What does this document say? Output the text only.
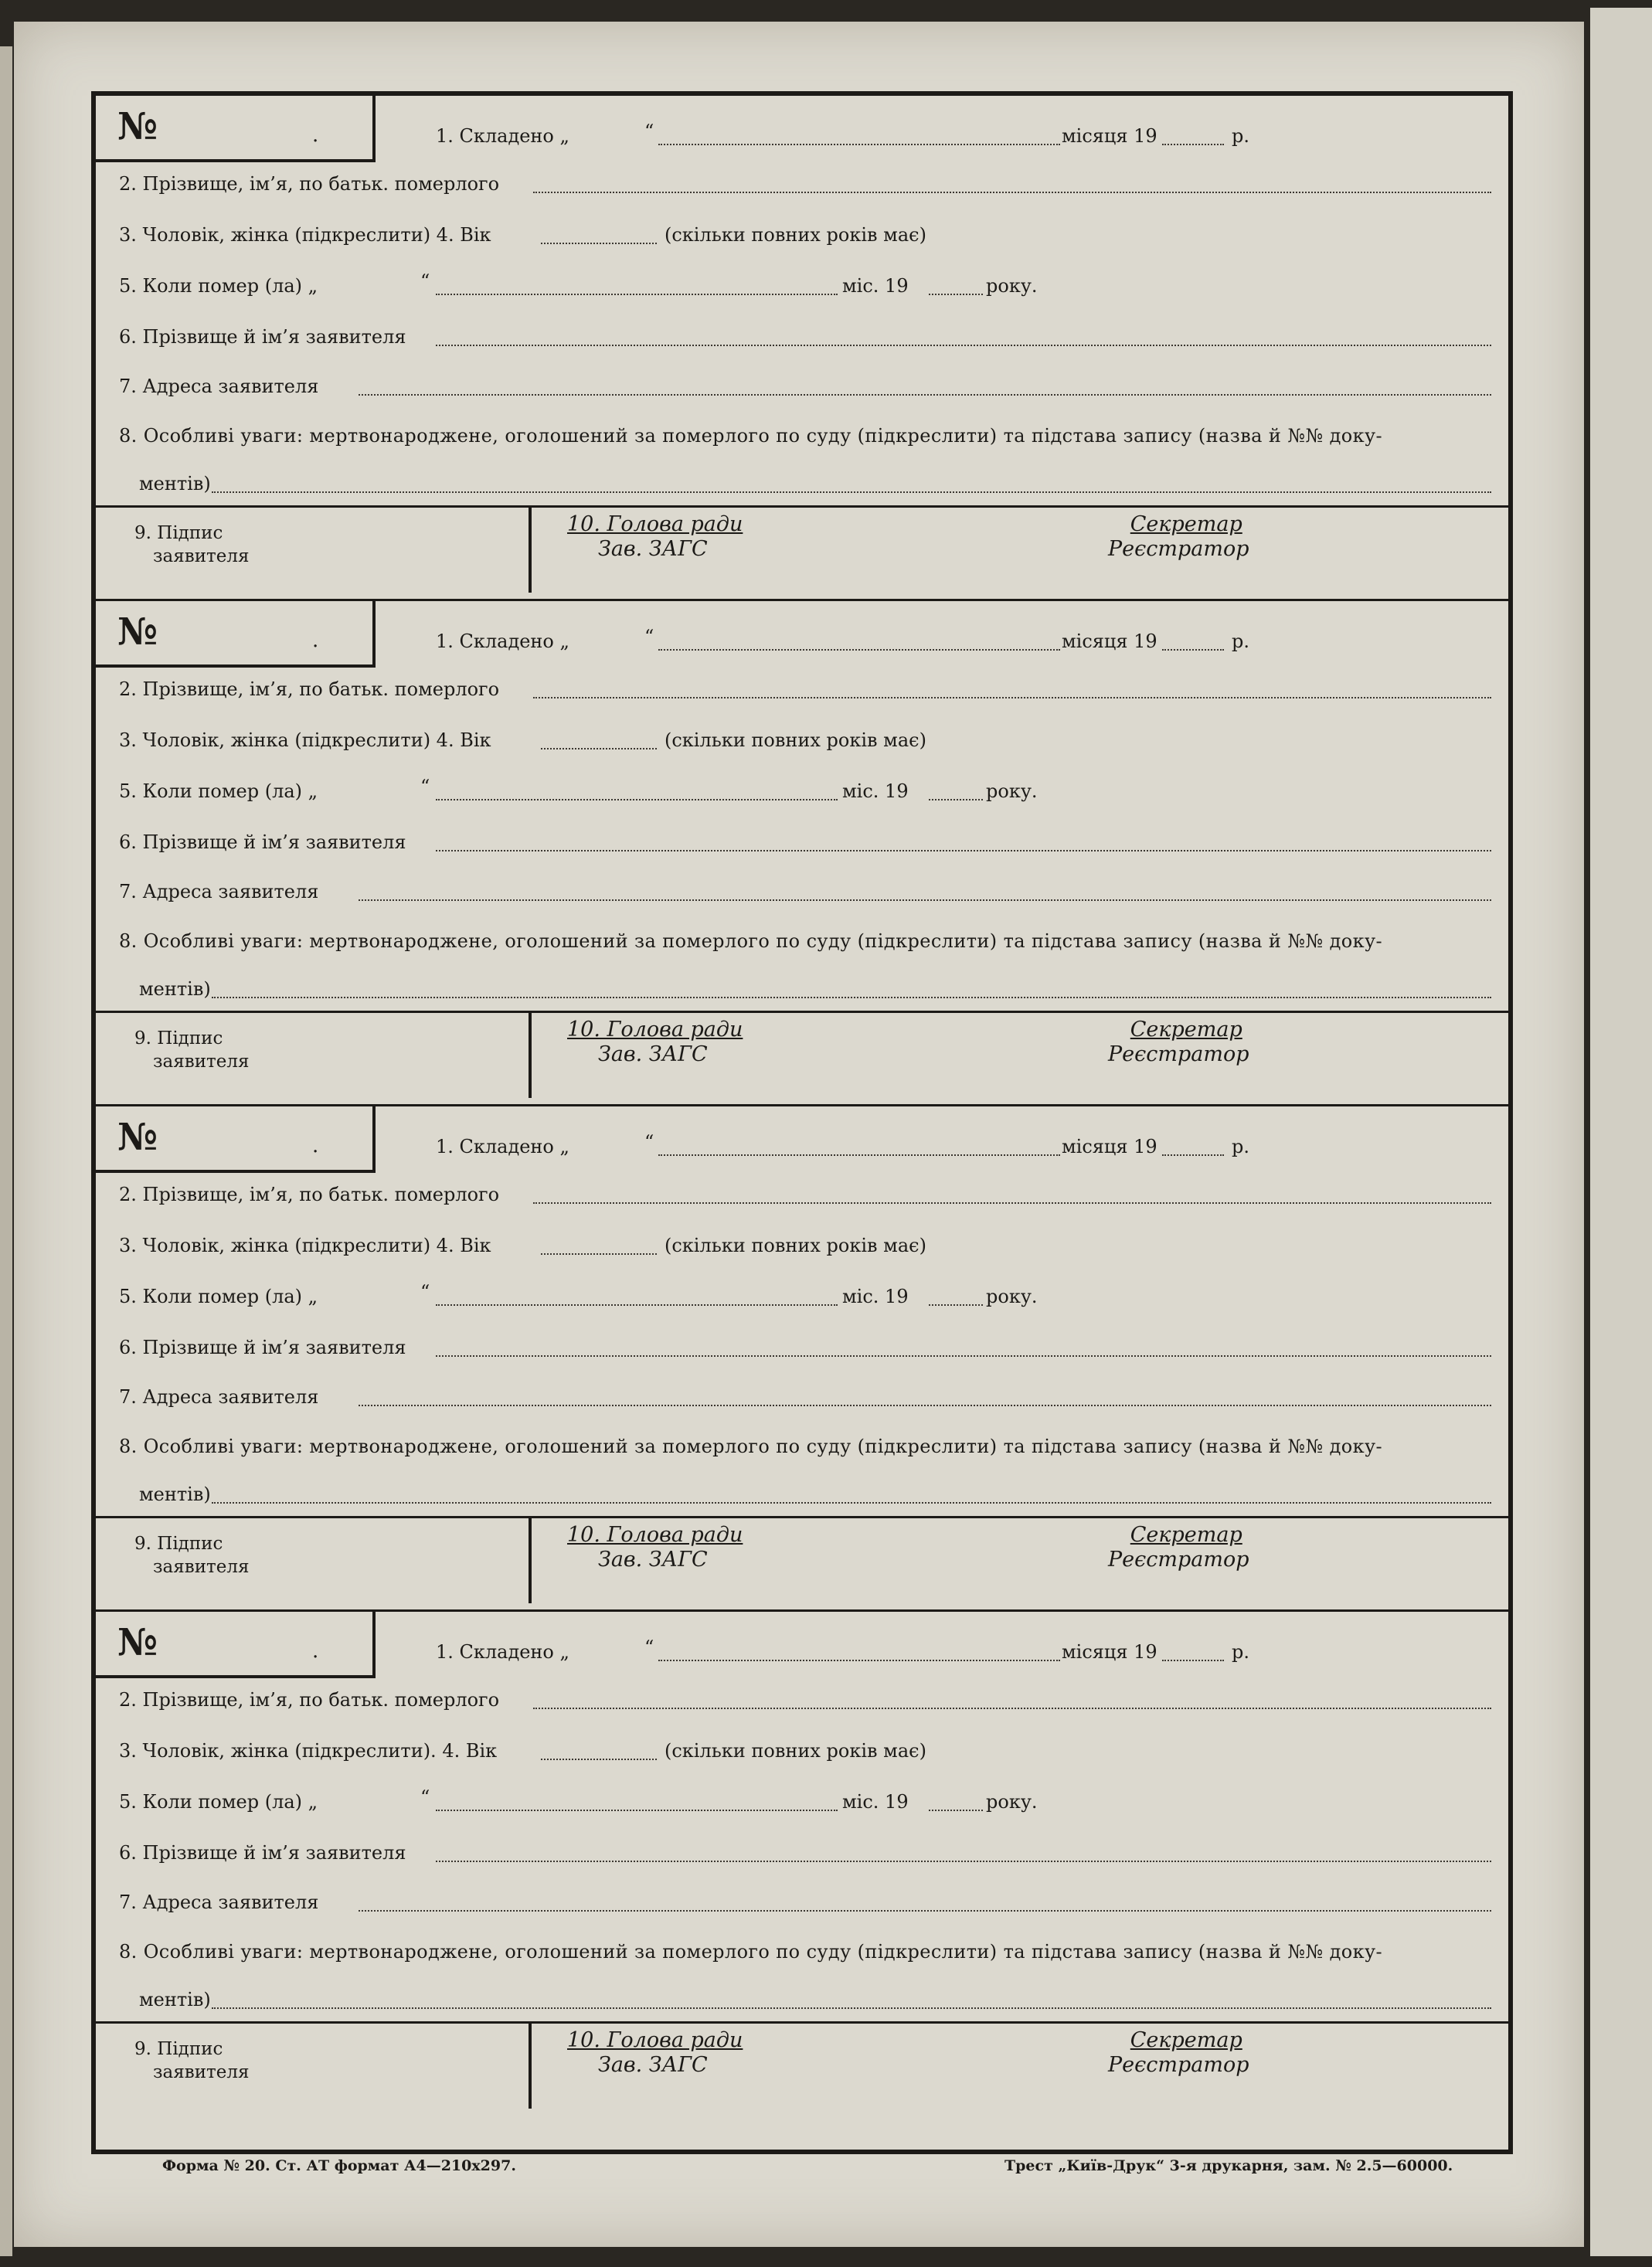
№	.	1. Складено „	“	місяця 19	р.
2. Прізвище, ім’я, по батьк. померлого
3. Чоловік, жінка (підкреслити) 4. Вік	(скільки повних років має)
5. Коли помер (ла) „	“	міс. 19	року.
6. Прізвище й ім’я заявителя
7. Адреса заявителя
8. Особливі уваги: мертвонароджене, оголошений за померлого по суду (підкреслити) та підстава запису (назва й №№ доку-
ментів)
9. Підпис
заявителя
10. Голова ради
Зав. ЗАГС
Секретар
Реєстратор
№	.	1. Складено „	“	місяця 19	р.
2. Прізвище, ім’я, по батьк. померлого
3. Чоловік, жінка (підкреслити) 4. Вік	(скільки повних років має)
5. Коли помер (ла) „	“	міс. 19	року.
6. Прізвище й ім’я заявителя
7. Адреса заявителя
8. Особливі уваги: мертвонароджене, оголошений за померлого по суду (підкреслити) та підстава запису (назва й №№ доку-
ментів)
9. Підпис
заявителя
10. Голова ради
Зав. ЗАГС
Секретар
Реєстратор
№	.	1. Складено „	“	місяця 19	р.
2. Прізвище, ім’я, по батьк. померлого
3. Чоловік, жінка (підкреслити) 4. Вік	(скільки повних років має)
5. Коли помер (ла) „	“	міс. 19	року.
6. Прізвище й ім’я заявителя
7. Адреса заявителя
8. Особливі уваги: мертвонароджене, оголошений за померлого по суду (підкреслити) та підстава запису (назва й №№ доку-
ментів)
9. Підпис
заявителя
10. Голова ради
Зав. ЗАГС
Секретар
Реєстратор
№	.	1. Складено „	“	місяця 19	р.
2. Прізвище, ім’я, по батьк. померлого
3. Чоловік, жінка (підкреслити). 4. Вік	(скільки повних років має)
5. Коли помер (ла) „	“	міс. 19	року.
6. Прізвище й ім’я заявителя
7. Адреса заявителя
8. Особливі уваги: мертвонароджене, оголошений за померлого по суду (підкреслити) та підстава запису (назва й №№ доку-
ментів)
9. Підпис
заявителя
10. Голова ради
Зав. ЗАГС
Секретар
Реєстратор
Форма № 20. Ст. АТ формат А4—210х297.	Трест „Київ-Друк“ 3-я друкарня, зам. № 2.5—60000.
